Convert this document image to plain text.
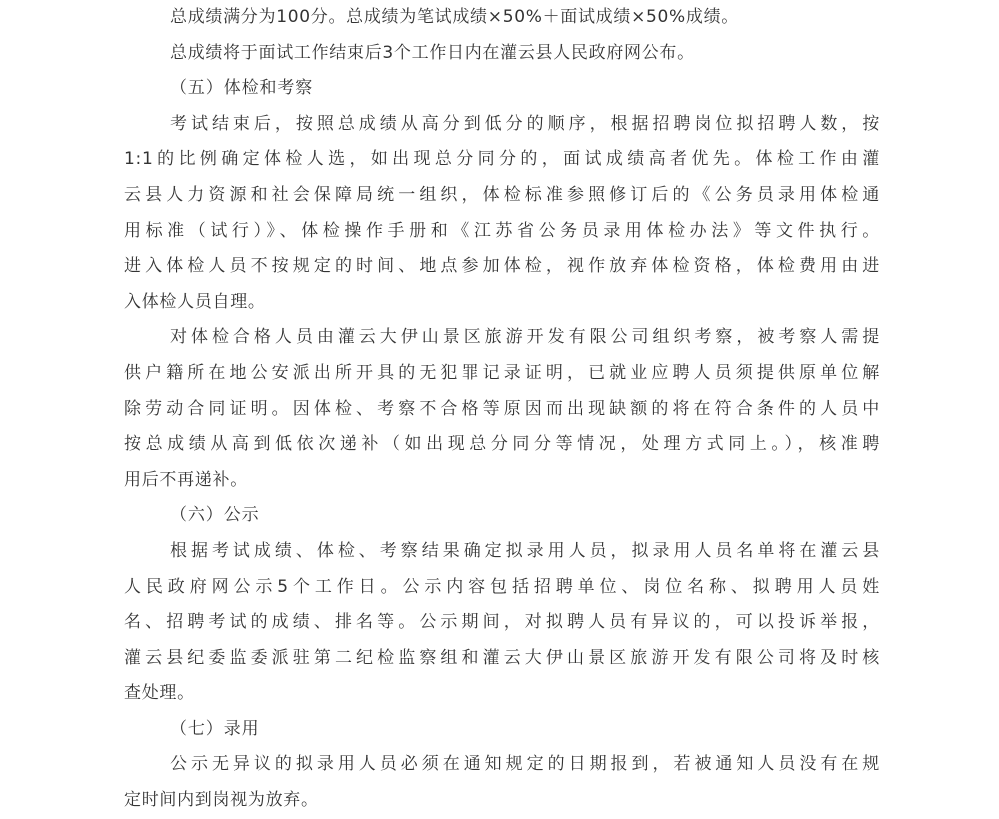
总成绩满分为100分。总成绩为笔试成绩×50%＋面试成绩×50%成绩。
总成绩将于面试工作结束后3个工作日内在灌云县人民政府网公布。
（五）体检和考察
考试结束后，按照总成绩从高分到低分的顺序，根据招聘岗位拟招聘人数，按
1:1的比例确定体检人选，如出现总分同分的，面试成绩高者优先。体检工作由灌
云县人力资源和社会保障局统一组织，体检标准参照修订后的《公务员录用体检通
用标准（试行）》、体检操作手册和《江苏省公务员录用体检办法》等文件执行。
进入体检人员不按规定的时间、地点参加体检，视作放弃体检资格，体检费用由进
入体检人员自理。
对体检合格人员由灌云大伊山景区旅游开发有限公司组织考察，被考察人需提
供户籍所在地公安派出所开具的无犯罪记录证明，已就业应聘人员须提供原单位解
除劳动合同证明。因体检、考察不合格等原因而出现缺额的将在符合条件的人员中
按总成绩从高到低依次递补（如出现总分同分等情况，处理方式同上。），核准聘
用后不再递补。
（六）公示
根据考试成绩、体检、考察结果确定拟录用人员，拟录用人员名单将在灌云县
人民政府网公示5个工作日。公示内容包括招聘单位、岗位名称、拟聘用人员姓
名、招聘考试的成绩、排名等。公示期间，对拟聘人员有异议的，可以投诉举报，
灌云县纪委监委派驻第二纪检监察组和灌云大伊山景区旅游开发有限公司将及时核
查处理。
（七）录用
公示无异议的拟录用人员必须在通知规定的日期报到，若被通知人员没有在规
定时间内到岗视为放弃。
